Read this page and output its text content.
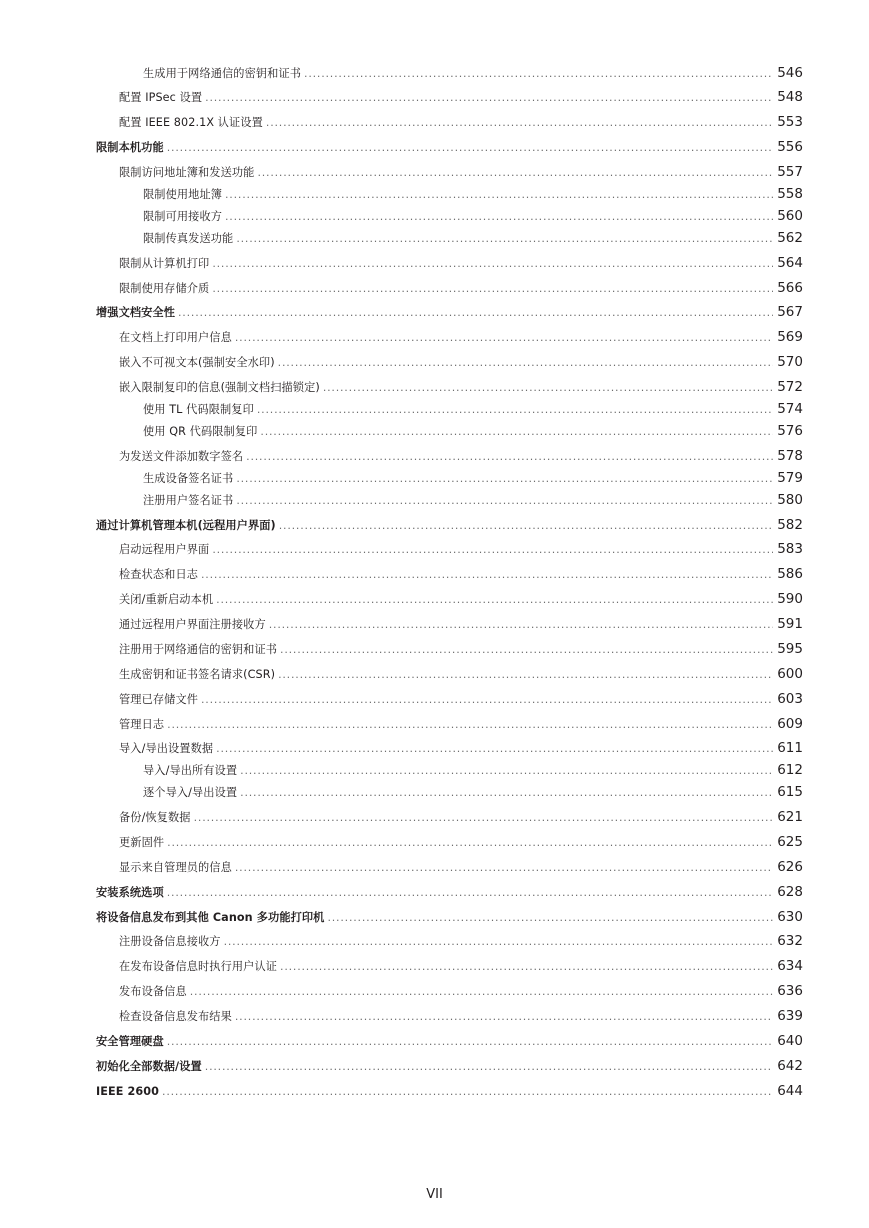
生成用于网络通信的密钥和证书 .....	546
配置 IPSec 设置 .....	548
配置 IEEE 802.1X 认证设置 .....	553
限制本机功能 .....	556
限制访问地址簿和发送功能 .....	557
限制使用地址簿 .....	558
限制可用接收方 .....	560
限制传真发送功能 .....	562
限制从计算机打印 .....	564
限制使用存储介质 .....	566
增强文档安全性 .....	567
在文档上打印用户信息 .....	569
嵌入不可视文本(强制安全水印) .....	570
嵌入限制复印的信息(强制文档扫描锁定) .....	572
使用 TL 代码限制复印 .....	574
使用 QR 代码限制复印 .....	576
为发送文件添加数字签名 .....	578
生成设备签名证书 .....	579
注册用户签名证书 .....	580
通过计算机管理本机(远程用户界面) .....	582
启动远程用户界面 .....	583
检查状态和日志 .....	586
关闭/重新启动本机 .....	590
通过远程用户界面注册接收方 .....	591
注册用于网络通信的密钥和证书 .....	595
生成密钥和证书签名请求(CSR) .....	600
管理已存储文件 .....	603
管理日志 .....	609
导入/导出设置数据 .....	611
导入/导出所有设置 .....	612
逐个导入/导出设置 .....	615
备份/恢复数据 .....	621
更新固件 .....	625
显示来自管理员的信息 .....	626
安装系统选项 .....	628
将设备信息发布到其他 Canon 多功能打印机 .....	630
注册设备信息接收方 .....	632
在发布设备信息时执行用户认证 .....	634
发布设备信息 .....	636
检查设备信息发布结果 .....	639
安全管理硬盘 .....	640
初始化全部数据/设置 .....	642
IEEE 2600 .....	644
VII
